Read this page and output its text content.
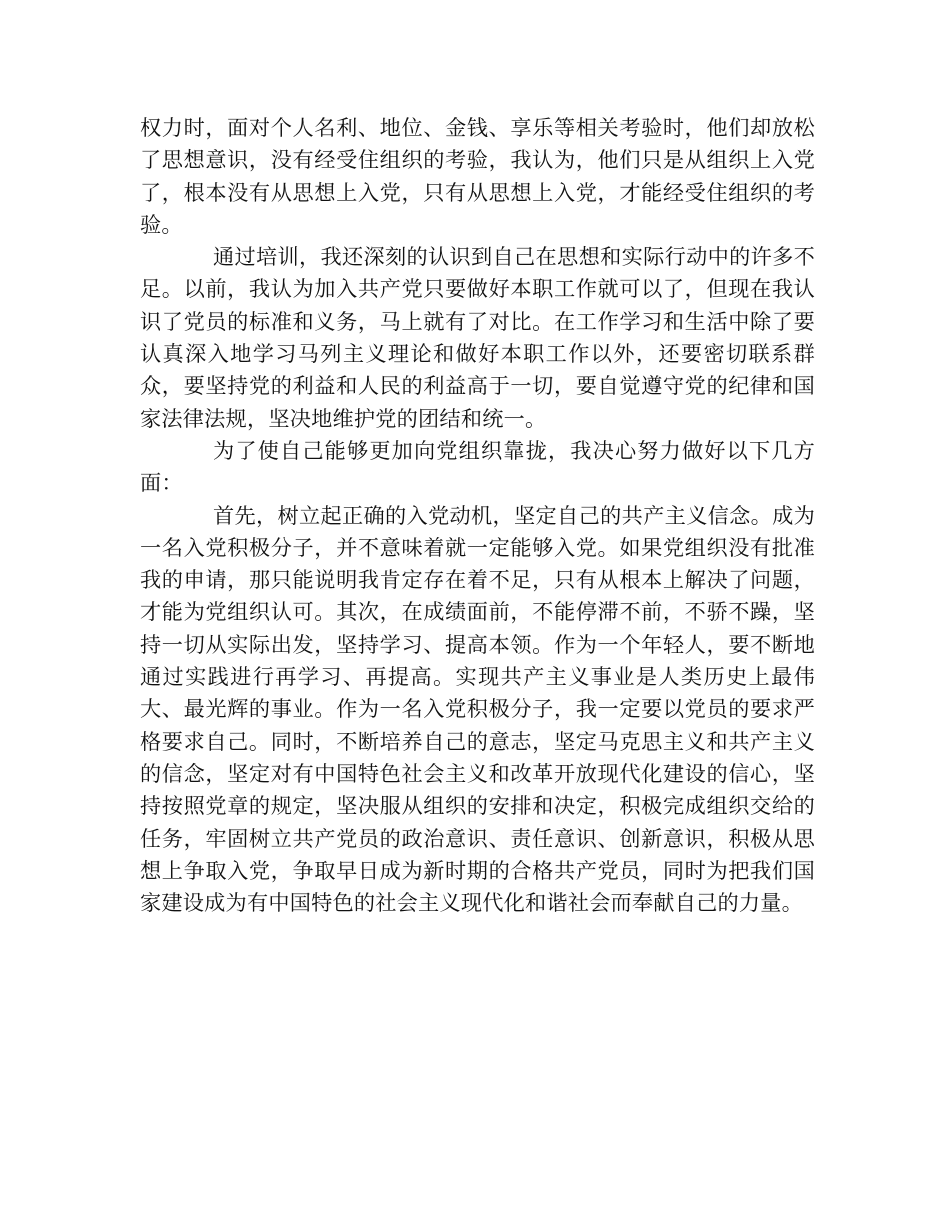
权力时，面对个人名利、地位、金钱、享乐等相关考验时，他们却放松了思想意识，没有经受住组织的考验，我认为，他们只是从组织上入党了，根本没有从思想上入党，只有从思想上入党，才能经受住组织的考验。

通过培训，我还深刻的认识到自己在思想和实际行动中的许多不足。以前，我认为加入共产党只要做好本职工作就可以了，但现在我认识了党员的标准和义务，马上就有了对比。在工作学习和生活中除了要认真深入地学习马列主义理论和做好本职工作以外，还要密切联系群众，要坚持党的利益和人民的利益高于一切，要自觉遵守党的纪律和国家法律法规，坚决地维护党的团结和统一。

为了使自己能够更加向党组织靠拢，我决心努力做好以下几方面：

首先，树立起正确的入党动机，坚定自己的共产主义信念。成为一名入党积极分子，并不意味着就一定能够入党。如果党组织没有批准我的申请，那只能说明我肯定存在着不足，只有从根本上解决了问题，才能为党组织认可。其次，在成绩面前，不能停滞不前，不骄不躁，坚持一切从实际出发，坚持学习、提高本领。作为一个年轻人，要不断地通过实践进行再学习、再提高。实现共产主义事业是人类历史上最伟大、最光辉的事业。作为一名入党积极分子，我一定要以党员的要求严格要求自己。同时，不断培养自己的意志，坚定马克思主义和共产主义的信念，坚定对有中国特色社会主义和改革开放现代化建设的信心，坚持按照党章的规定，坚决服从组织的安排和决定，积极完成组织交给的任务，牢固树立共产党员的政治意识、责任意识、创新意识，积极从思想上争取入党，争取早日成为新时期的合格共产党员，同时为把我们国家建设成为有中国特色的社会主义现代化和谐社会而奉献自己的力量。
